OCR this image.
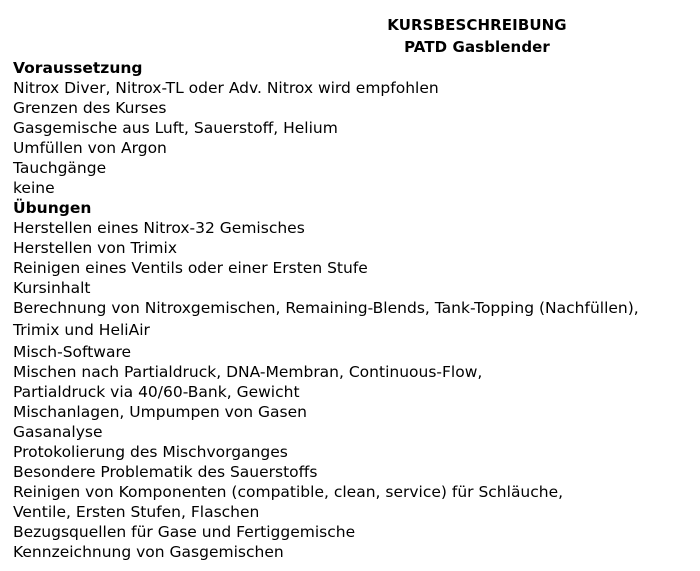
KURSBESCHREIBUNG
PATD Gasblender
Voraussetzung
Nitrox Diver, Nitrox-TL oder Adv. Nitrox wird empfohlen
Grenzen des Kurses
Gasgemische aus Luft, Sauerstoff, Helium
Umfüllen von Argon
Tauchgänge
keine
Übungen
Herstellen eines Nitrox-32 Gemisches
Herstellen von Trimix
Reinigen eines Ventils oder einer Ersten Stufe
Kursinhalt
Berechnung von Nitroxgemischen, Remaining-Blends, Tank-Topping (Nachfüllen),
Trimix und HeliAir
Misch-Software
Mischen nach Partialdruck, DNA-Membran, Continuous-Flow,
Partialdruck via 40/60-Bank, Gewicht
Mischanlagen, Umpumpen von Gasen
Gasanalyse
Protokolierung des Mischvorganges
Besondere Problematik des Sauerstoffs
Reinigen von Komponenten (compatible, clean, service) für Schläuche,
Ventile, Ersten Stufen, Flaschen
Bezugsquellen für Gase und Fertiggemische
Kennzeichnung von Gasgemischen
